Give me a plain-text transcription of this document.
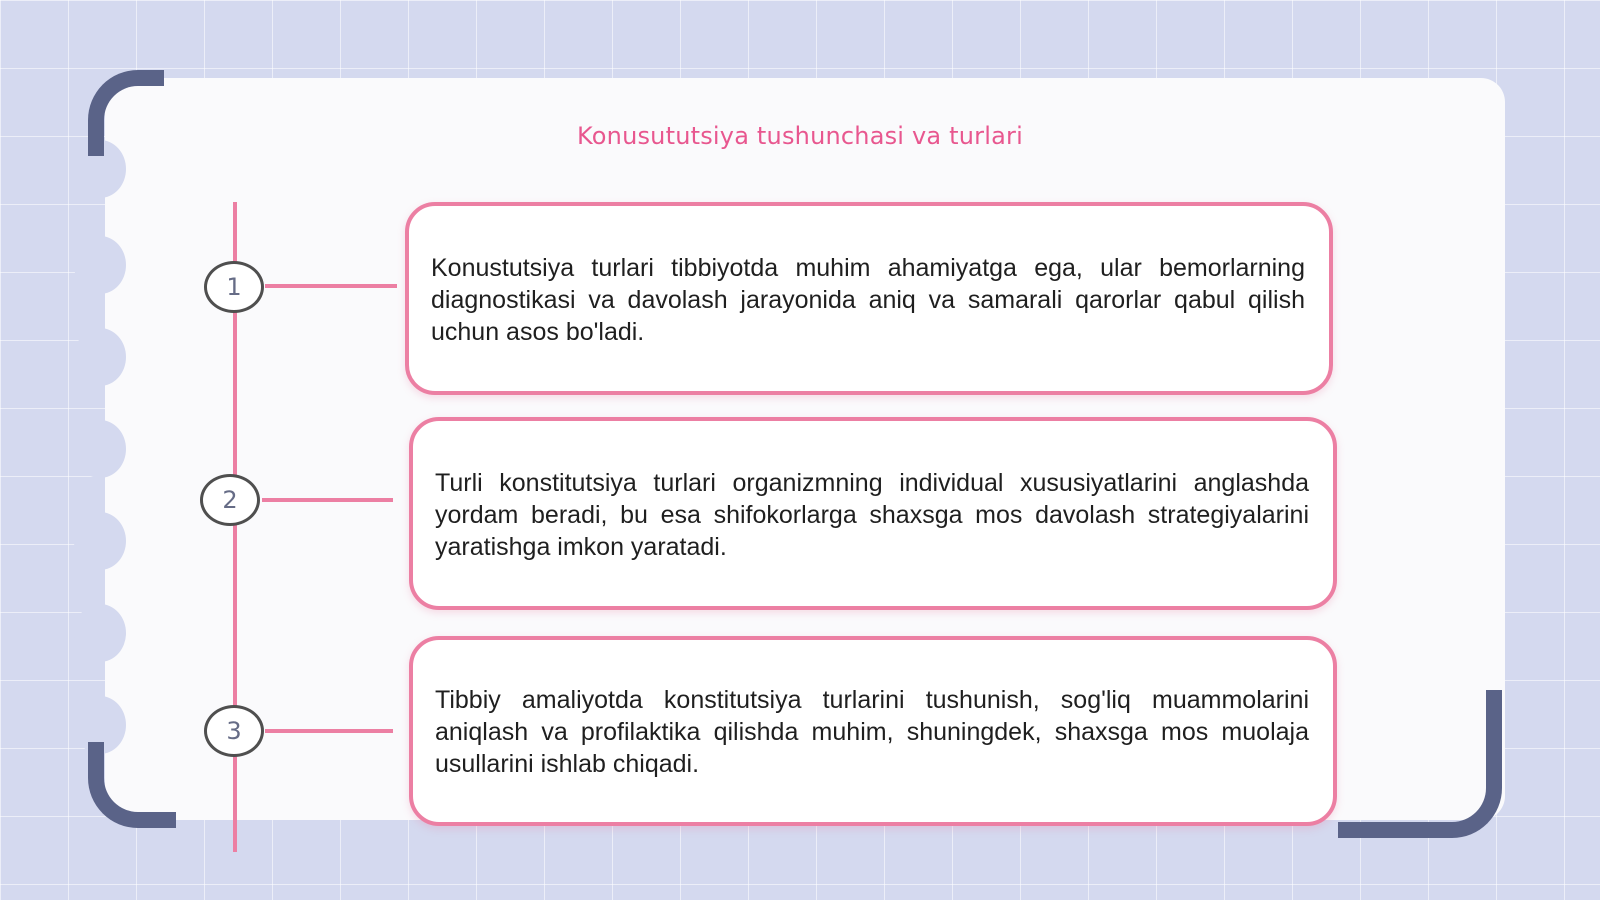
Konusututsiya tushunchasi va turlari
1
2
3

Konustutsiya turlari tibbiyotda muhim ahamiyatga ega, ular bemorlarning diagnostikasi va davolash jarayonida aniq va samarali qarorlar qabul qilish uchun asos bo'ladi.

Turli konstitutsiya turlari organizmning individual xususiyatlarini anglashda yordam beradi, bu esa shifokorlarga shaxsga mos davolash strategiyalarini yaratishga imkon yaratadi.

Tibbiy amaliyotda konstitutsiya turlarini tushunish, sog'liq muammolarini aniqlash va profilaktika qilishda muhim, shuningdek, shaxsga mos muolaja usullarini ishlab chiqadi.
